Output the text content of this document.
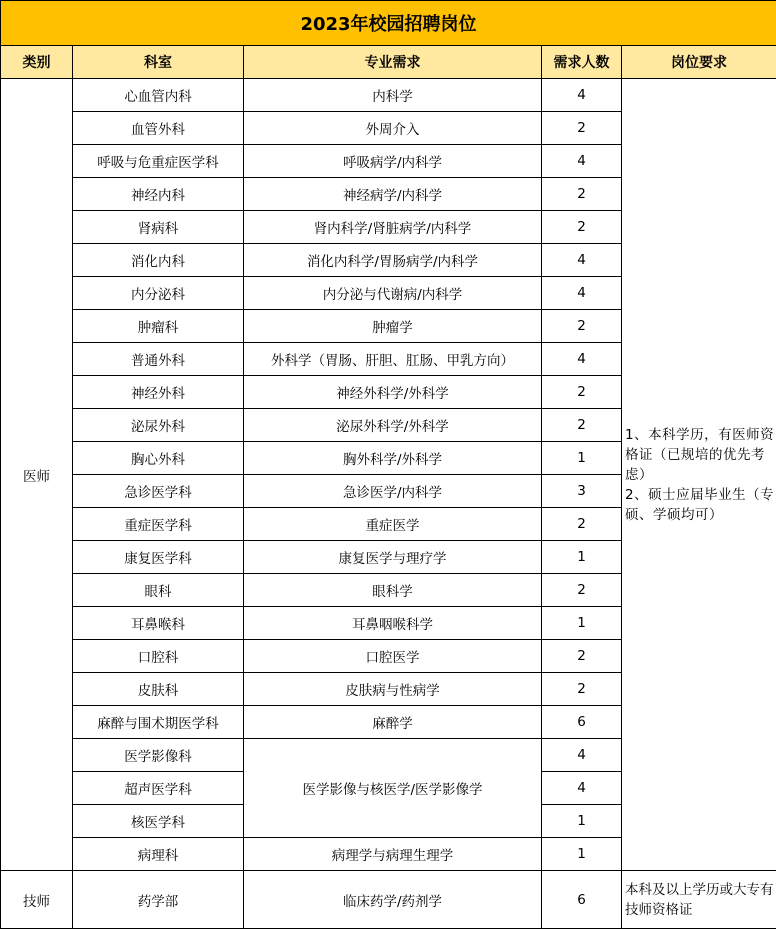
2023年校园招聘岗位				
类别	科室	专业需求	需求人数	岗位要求
医师	心血管内科	内科学	4	1、本科学历，有医师资格证（已规培的优先考虑）
2、硕士应届毕业生（专硕、学硕均可）
	血管外科	外周介入	2	
	呼吸与危重症医学科	呼吸病学/内科学	4	
	神经内科	神经病学/内科学	2	
	肾病科	肾内科学/肾脏病学/内科学	2	
	消化内科	消化内科学/胃肠病学/内科学	4	
	内分泌科	内分泌与代谢病/内科学	4	
	肿瘤科	肿瘤学	2	
	普通外科	外科学（胃肠、肝胆、肛肠、甲乳方向）	4	
	神经外科	神经外科学/外科学	2	
	泌尿外科	泌尿外科学/外科学	2	
	胸心外科	胸外科学/外科学	1	
	急诊医学科	急诊医学/内科学	3	
	重症医学科	重症医学	2	
	康复医学科	康复医学与理疗学	1	
	眼科	眼科学	2	
	耳鼻喉科	耳鼻咽喉科学	1	
	口腔科	口腔医学	2	
	皮肤科	皮肤病与性病学	2	
	麻醉与围术期医学科	麻醉学	6	
	医学影像科	医学影像与核医学/医学影像学	4	
	超声医学科		4	
	核医学科		1	
	病理科	病理学与病理生理学	1	
技师	药学部	临床药学/药剂学	6	本科及以上学历或大专有技师资格证
